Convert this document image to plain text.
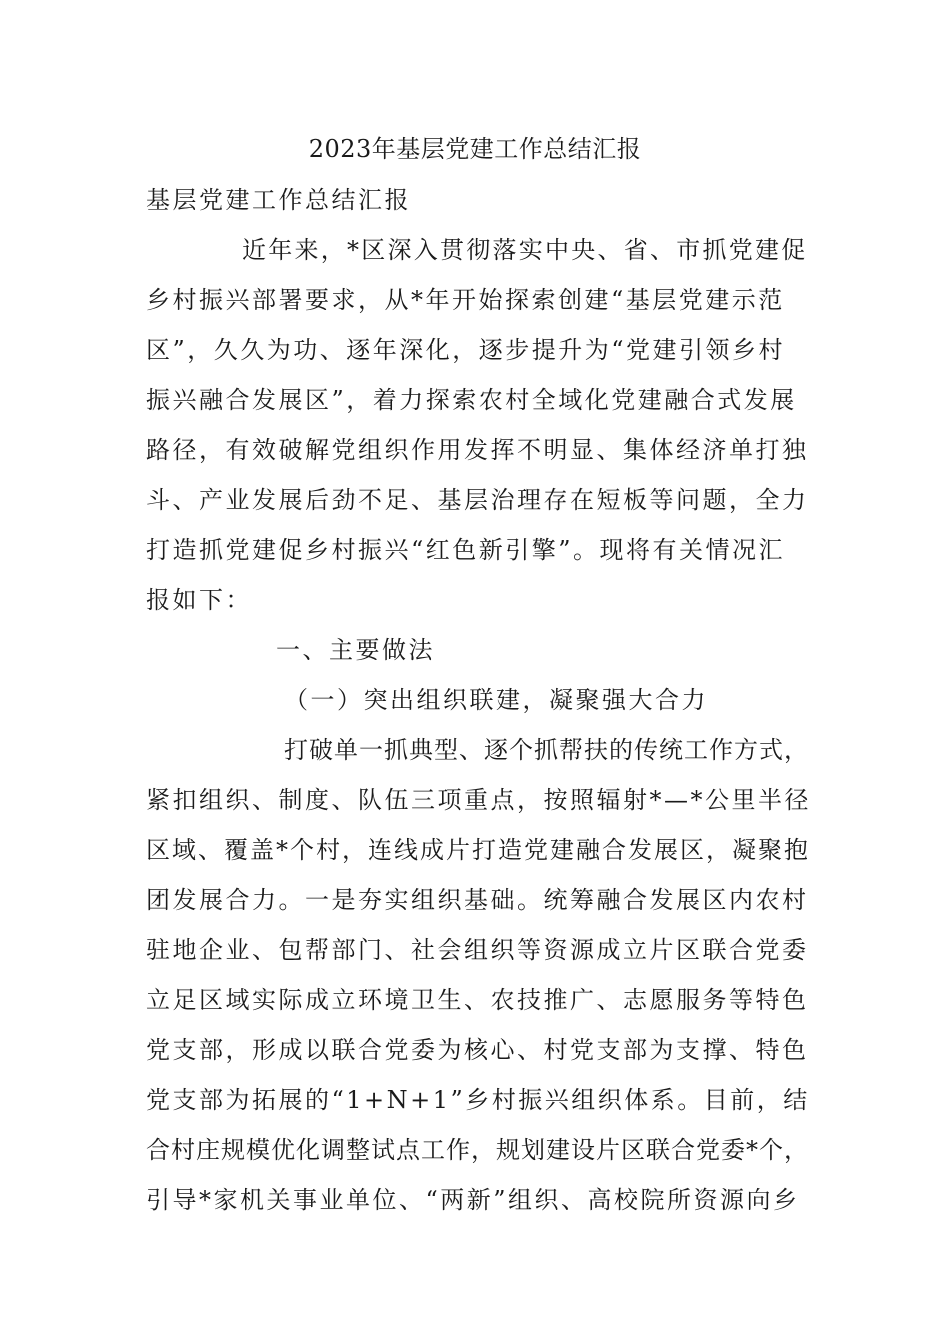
2023年基层党建工作总结汇报
基层党建工作总结汇报
近年来，*区深入贯彻落实中央、省、市抓党建促
乡村振兴部署要求，从*年开始探索创建“基层党建示范
区”，久久为功、逐年深化，逐步提升为“党建引领乡村
振兴融合发展区”，着力探索农村全域化党建融合式发展
路径，有效破解党组织作用发挥不明显、集体经济单打独
斗、产业发展后劲不足、基层治理存在短板等问题，全力
打造抓党建促乡村振兴“红色新引擎”。现将有关情况汇
报如下：
一、主要做法
（一）突出组织联建，凝聚强大合力
打破单一抓典型、逐个抓帮扶的传统工作方式，
紧扣组织、制度、队伍三项重点，按照辐射*—*公里半径
区域、覆盖*个村，连线成片打造党建融合发展区，凝聚抱
团发展合力。一是夯实组织基础。统筹融合发展区内农村
驻地企业、包帮部门、社会组织等资源成立片区联合党委
立足区域实际成立环境卫生、农技推广、志愿服务等特色
党支部，形成以联合党委为核心、村党支部为支撑、特色
党支部为拓展的“1+N+1”乡村振兴组织体系。目前，结
合村庄规模优化调整试点工作，规划建设片区联合党委*个，
引导*家机关事业单位、“两新”组织、高校院所资源向乡
